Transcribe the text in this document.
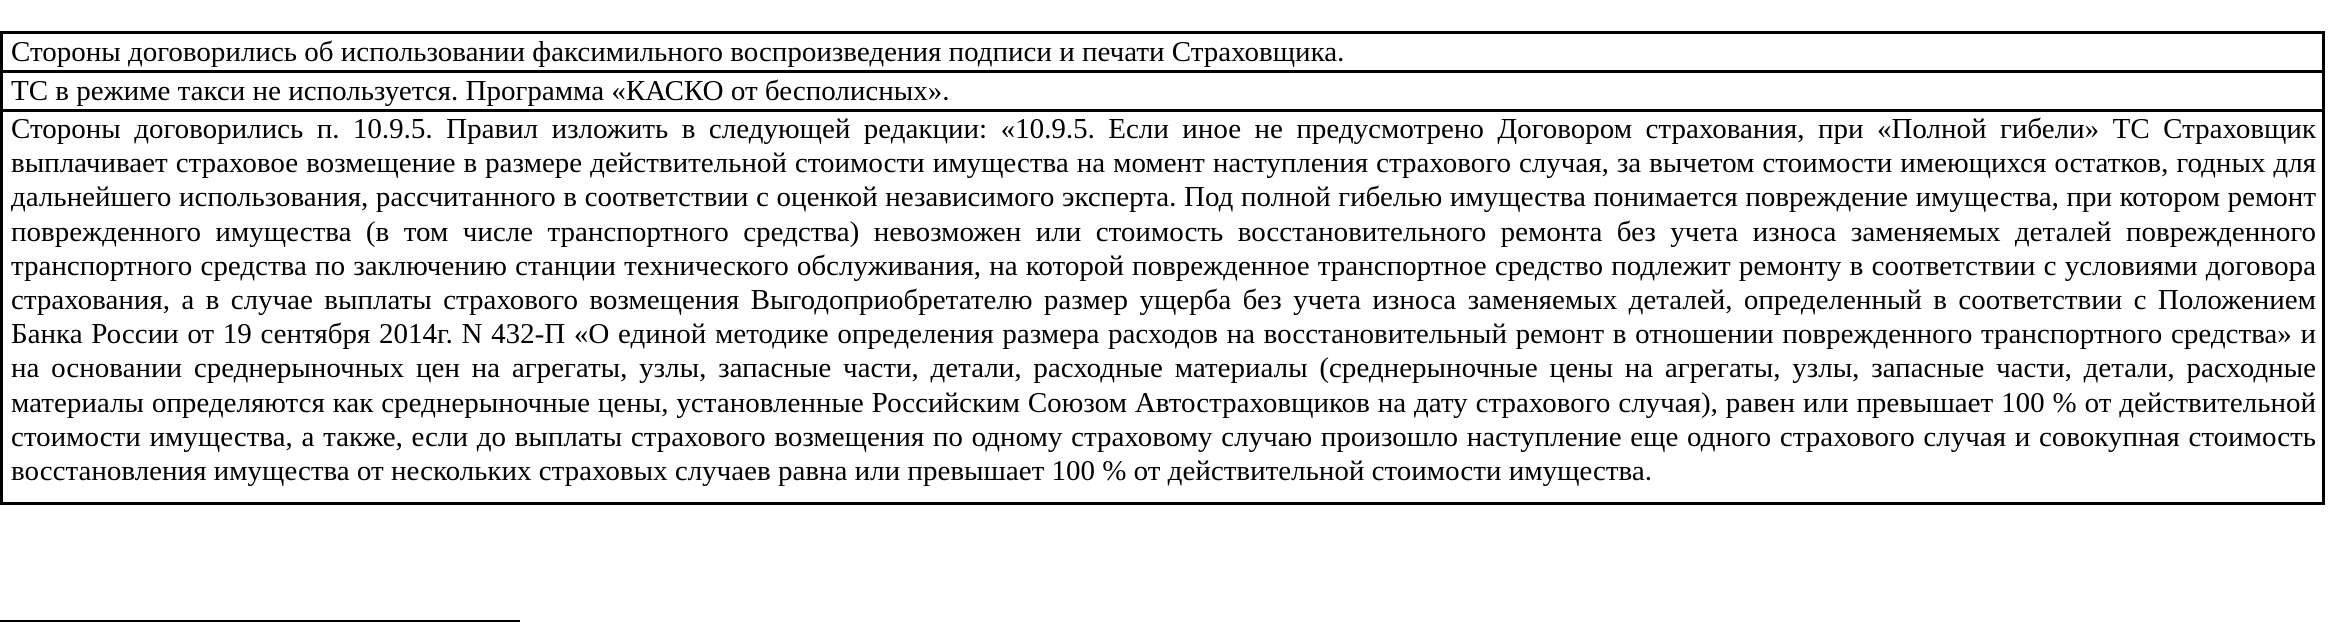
Стороны договорились об использовании факсимильного воспроизведения подписи и печати Страховщика.

ТС в режиме такси не используется. Программа «КАСКО от бесполисных».

Стороны договорились п. 10.9.5. Правил изложить в следующей редакции: «10.9.5. Если иное не предусмотрено Договором страхования, при «Полной гибели» ТС Страховщик выплачивает страховое возмещение в размере действительной стоимости имущества на момент наступления страхового случая, за вычетом стоимости имеющихся остатков, годных для дальнейшего использования, рассчитанного в соответствии с оценкой независимого эксперта. Под полной гибелью имущества понимается повреждение имущества, при котором ремонт поврежденного имущества (в том числе транспортного средства) невозможен или стоимость восстановительного ремонта без учета износа заменяемых деталей поврежденного транспортного средства по заключению станции технического обслуживания, на которой поврежденное транспортное средство подлежит ремонту в соответствии с условиями договора страхования, а в случае выплаты страхового возмещения Выгодоприобретателю размер ущерба без учета износа заменяемых деталей, определенный в соответствии с Положением Банка России от 19 сентября 2014г. N 432-П «О единой методике определения размера расходов на восстановительный ремонт в отношении поврежденного транспортного средства» и на основании среднерыночных цен на агрегаты, узлы, запасные части, детали, расходные материалы (среднерыночные цены на агрегаты, узлы, запасные части, детали, расходные материалы определяются как среднерыночные цены, установленные Российским Союзом Автостраховщиков на дату страхового случая), равен или превышает 100 % от действительной стоимости имущества, а также, если до выплаты страхового возмещения по одному страховому случаю произошло наступление еще одного страхового случая и совокупная стоимость восстановления имущества от нескольких страховых случаев равна или превышает 100 % от действительной стоимости имущества.
